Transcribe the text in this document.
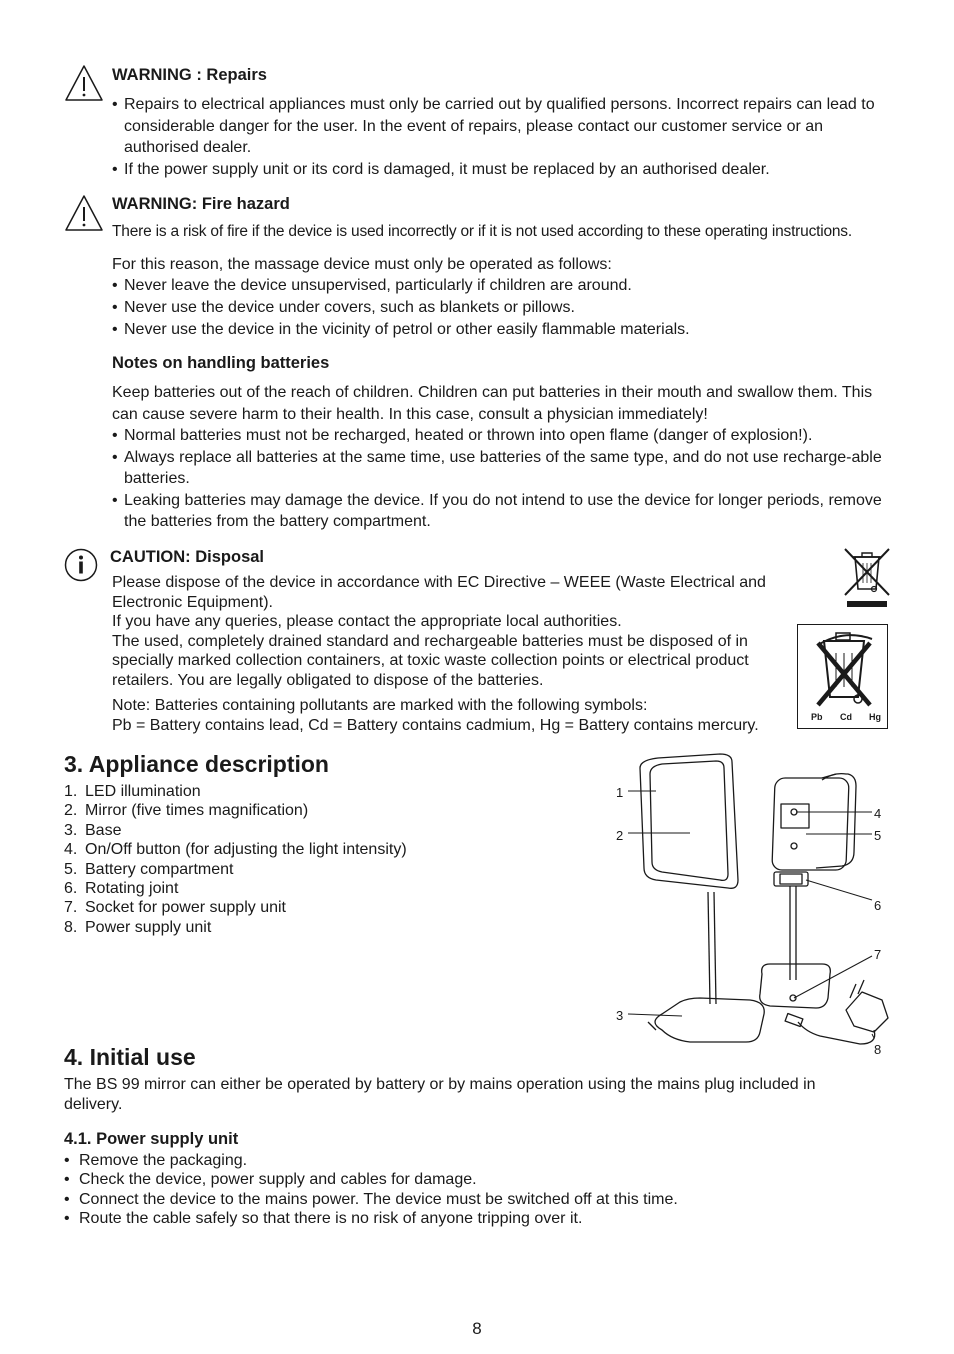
WARNING : Repairs
• Repairs to electrical appliances must only be carried out by qualified persons. Incorrect repairs can lead to considerable danger for the user. In the event of repairs, please contact our customer service or an authorised dealer.
• If the power supply unit or its cord is damaged, it must be replaced by an authorised dealer.
WARNING: Fire hazard

There is a risk of fire if the device is used incorrectly or if it is not used according to these operating instructions.

For this reason, the massage device must only be operated as follows:

• Never leave the device unsupervised, particularly if children are around.
• Never use the device under covers, such as blankets or pillows.
• Never use the device in the vicinity of petrol or other easily flammable materials.
Notes on handling batteries

Keep batteries out of the reach of children. Children can put batteries in their mouth and swallow them. This can cause severe harm to their health. In this case, consult a physician immediately!

• Normal batteries must not be recharged, heated or thrown into open flame (danger of explosion!).
• Always replace all batteries at the same time, use batteries of the same type, and do not use recharge-able batteries.
• Leaking batteries may damage the device. If you do not intend to use the device for longer periods, remove the batteries from the battery compartment.
CAUTION: Disposal

Please dispose of the device in accordance with EC Directive – WEEE (Waste Electrical and Electronic Equipment).

If you have any queries, please contact the appropriate local authorities.

The used, completely drained standard and rechargeable batteries must be disposed of in specially marked collection containers, at toxic waste collection points or electrical product retailers. You are legally obligated to dispose of the batteries.

Note: Batteries containing pollutants are marked with the following symbols:

Pb = Battery contains lead, Cd = Battery contains cadmium, Hg = Battery contains mercury.	Pb Cd Hg
3. Appliance description
1. LED illumination
2. Mirror (five times magnification)
3. Base
4. On/Off button (for adjusting the light intensity)
5. Battery compartment
6. Rotating joint
7. Socket for power supply unit
8. Power supply unit
1
2
3
4
5
6
7
8
4. Initial use

The BS 99 mirror can either be operated by battery or by mains operation using the mains plug included in delivery.

4.1. Power supply unit
• Remove the packaging.
• Check the device, power supply and cables for damage.
• Connect the device to the mains power. The device must be switched off at this time.
• Route the cable safely so that there is no risk of anyone tripping over it.
8
